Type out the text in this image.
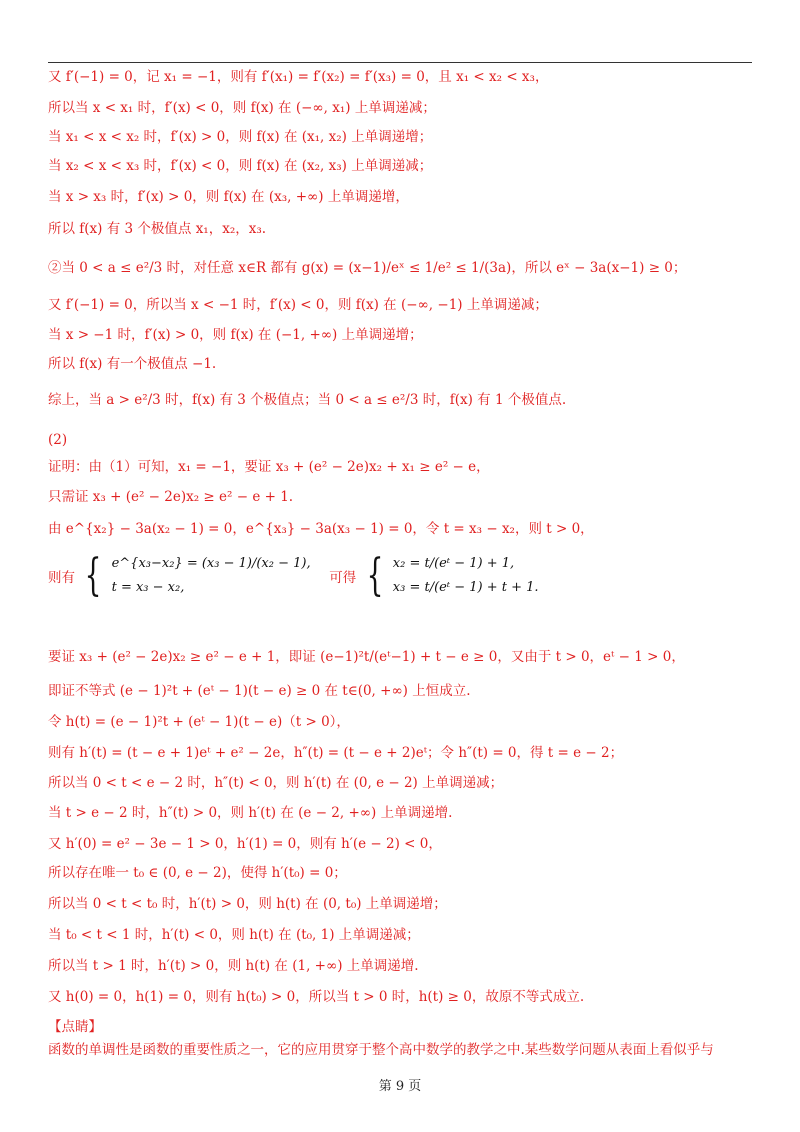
又 f′(−1) = 0，记 x₁ = −1，则有 f′(x₁) = f′(x₂) = f′(x₃) = 0，且 x₁ < x₂ < x₃，
所以当 x < x₁ 时，f′(x) < 0，则 f(x) 在 (−∞, x₁) 上单调递减；
当 x₁ < x < x₂ 时，f′(x) > 0，则 f(x) 在 (x₁, x₂) 上单调递增；
当 x₂ < x < x₃ 时，f′(x) < 0，则 f(x) 在 (x₂, x₃) 上单调递减；
当 x > x₃ 时，f′(x) > 0，则 f(x) 在 (x₃, +∞) 上单调递增，
所以 f(x) 有 3 个极值点 x₁，x₂，x₃.
②当 0 < a ≤ e²/3 时，对任意 x∈R 都有 g(x) = (x−1)/eˣ ≤ 1/e² ≤ 1/(3a)，所以 eˣ − 3a(x−1) ≥ 0；
又 f′(−1) = 0，所以当 x < −1 时，f′(x) < 0，则 f(x) 在 (−∞, −1) 上单调递减；
当 x > −1 时，f′(x) > 0，则 f(x) 在 (−1, +∞) 上单调递增；
所以 f(x) 有一个极值点 −1.
综上，当 a > e²/3 时，f(x) 有 3 个极值点；当 0 < a ≤ e²/3 时，f(x) 有 1 个极值点.
(2)
证明：由（1）可知，x₁ = −1，要证 x₃ + (e² − 2e)x₂ + x₁ ≥ e² − e，
只需证 x₃ + (e² − 2e)x₂ ≥ e² − e + 1.
由 e^{x₂} − 3a(x₂ − 1) = 0，e^{x₃} − 3a(x₃ − 1) = 0，令 t = x₃ − x₂，则 t > 0，
则有 { e^{x₃−x₂} = (x₃ − 1)/(x₂ − 1),
t = x₃ − x₂,
可得 { x₂ = t/(eᵗ − 1) + 1,
x₃ = t/(eᵗ − 1) + t + 1.
要证 x₃ + (e² − 2e)x₂ ≥ e² − e + 1，即证 (e−1)²t/(eᵗ−1) + t − e ≥ 0，又由于 t > 0，eᵗ − 1 > 0，
即证不等式 (e − 1)²t + (eᵗ − 1)(t − e) ≥ 0 在 t∈(0, +∞) 上恒成立.
令 h(t) = (e − 1)²t + (eᵗ − 1)(t − e)（t > 0），
则有 h′(t) = (t − e + 1)eᵗ + e² − 2e，h″(t) = (t − e + 2)eᵗ；令 h″(t) = 0，得 t = e − 2；
所以当 0 < t < e − 2 时，h″(t) < 0，则 h′(t) 在 (0, e − 2) 上单调递减；
当 t > e − 2 时，h″(t) > 0，则 h′(t) 在 (e − 2, +∞) 上单调递增.
又 h′(0) = e² − 3e − 1 > 0，h′(1) = 0，则有 h′(e − 2) < 0，
所以存在唯一 t₀ ∈ (0, e − 2)，使得 h′(t₀) = 0；
所以当 0 < t < t₀ 时，h′(t) > 0，则 h(t) 在 (0, t₀) 上单调递增；
当 t₀ < t < 1 时，h′(t) < 0，则 h(t) 在 (t₀, 1) 上单调递减；
所以当 t > 1 时，h′(t) > 0，则 h(t) 在 (1, +∞) 上单调递增.
又 h(0) = 0，h(1) = 0，则有 h(t₀) > 0，所以当 t > 0 时，h(t) ≥ 0，故原不等式成立.
【点睛】
函数的单调性是函数的重要性质之一，它的应用贯穿于整个高中数学的教学之中.某些数学问题从表面上看似乎与
第 9 页
